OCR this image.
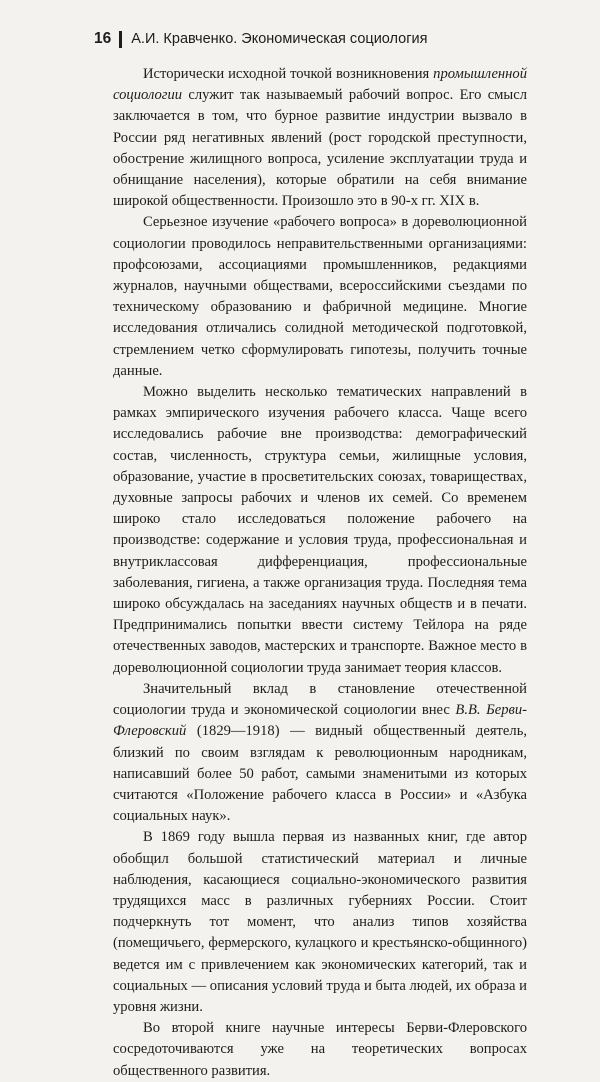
16 А.И. Кравченко. Экономическая социология

Исторически исходной точкой возникновения промышленной социологии служит так называемый рабочий вопрос. Его смысл заключается в том, что бурное развитие индустрии вызвало в России ряд негативных явлений (рост городской преступности, обострение жилищного вопроса, усиление эксплуатации труда и обнищание населения), которые обратили на себя внимание широкой общественности. Произошло это в 90-х гг. XIX в.

Серьезное изучение «рабочего вопроса» в дореволюционной социологии проводилось неправительственными организациями: профсоюзами, ассоциациями промышленников, редакциями журналов, научными обществами, всероссийскими съездами по техническому образованию и фабричной медицине. Многие исследования отличались солидной методической подготовкой, стремлением четко сформулировать гипотезы, получить точные данные.

Можно выделить несколько тематических направлений в рамках эмпирического изучения рабочего класса. Чаще всего исследовались рабочие вне производства: демографический состав, численность, структура семьи, жилищные условия, образование, участие в просветительских союзах, товариществах, духовные запросы рабочих и членов их семей. Со временем широко стало исследоваться положение рабочего на производстве: содержание и условия труда, профессиональная и внутриклассовая дифференциация, профессиональные заболевания, гигиена, а также организация труда. Последняя тема широко обсуждалась на заседаниях научных обществ и в печати. Предпринимались попытки ввести систему Тейлора на ряде отечественных заводов, мастерских и транспорте. Важное место в дореволюционной социологии труда занимает теория классов.

Значительный вклад в становление отечественной социологии труда и экономической социологии внес В.В. Берви-Флеровский (1829—1918) — видный общественный деятель, близкий по своим взглядам к революционным народникам, написавший более 50 работ, самыми знаменитыми из которых считаются «Положение рабочего класса в России» и «Азбука социальных наук».

В 1869 году вышла первая из названных книг, где автор обобщил большой статистический материал и личные наблюдения, касающиеся социально-экономического развития трудящихся масс в различных губерниях России. Стоит подчеркнуть тот момент, что анализ типов хозяйства (помещичьего, фермерского, кулацкого и крестьянско-общинного) ведется им с привлечением как экономических категорий, так и социальных — описания условий труда и быта людей, их образа и уровня жизни.

Во второй книге научные интересы Берви-Флеровского сосредоточиваются уже на теоретических вопросах общественного развития.
